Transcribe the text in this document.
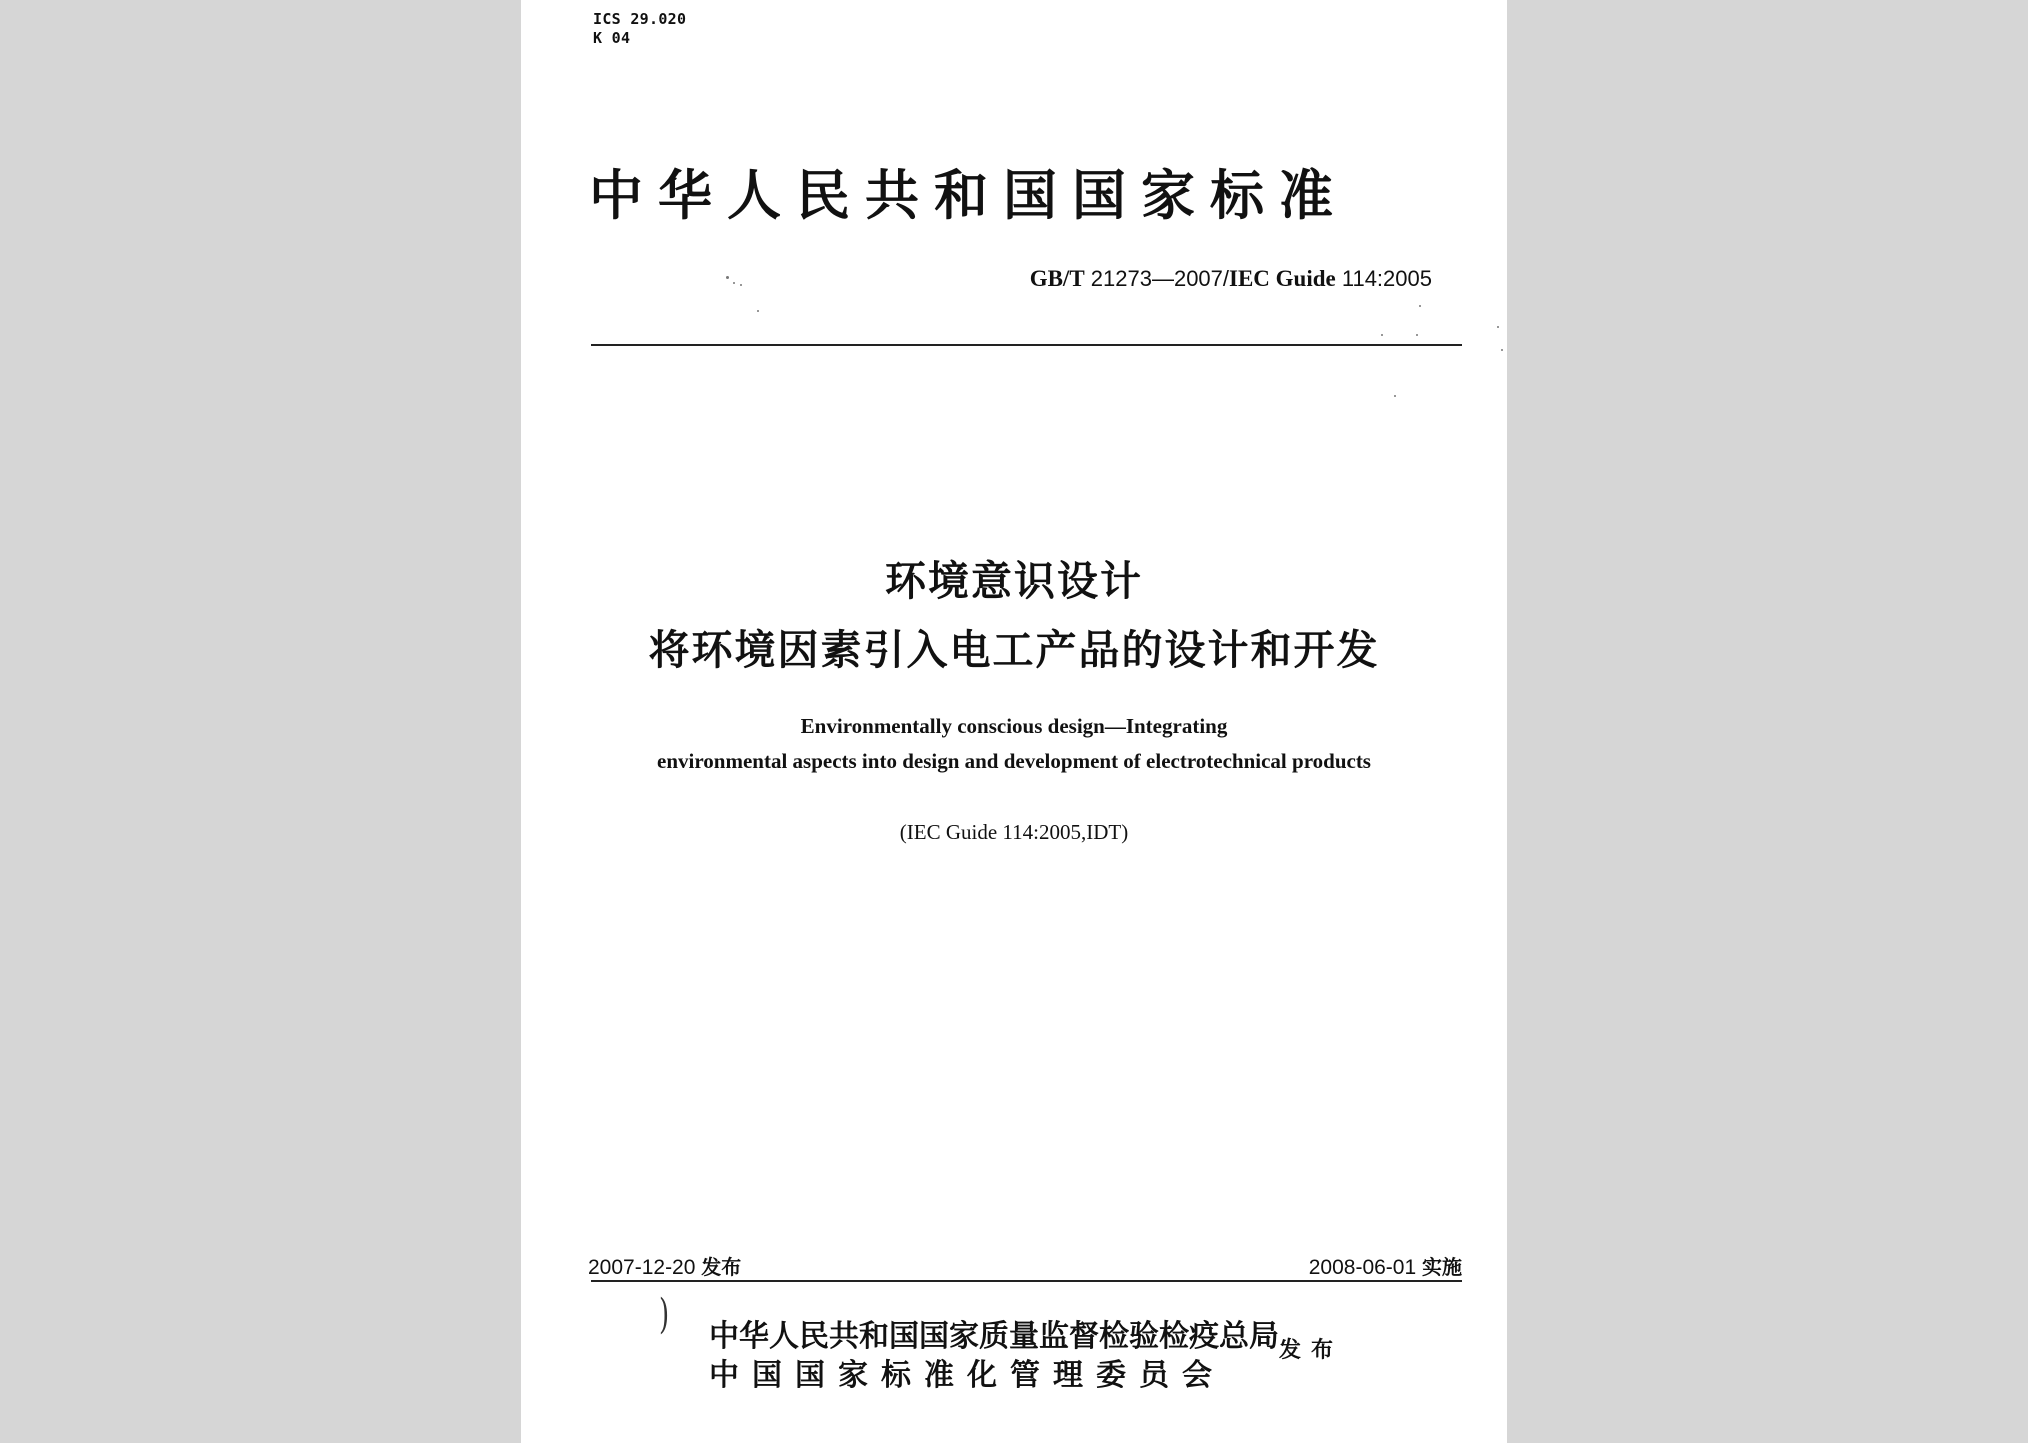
ICS 29.020
K 04
中华人民共和国国家标准
GB/T 21273—2007/IEC Guide 114:2005
环境意识设计
将环境因素引入电工产品的设计和开发
Environmentally conscious design—Integrating
environmental aspects into design and development of electrotechnical products
(IEC Guide 114:2005,IDT)
2007-12-20 发布	2008-06-01 实施
) 中华人民共和国国家质量监督检验检疫总局
中国国家标准化管理委员会
发布
